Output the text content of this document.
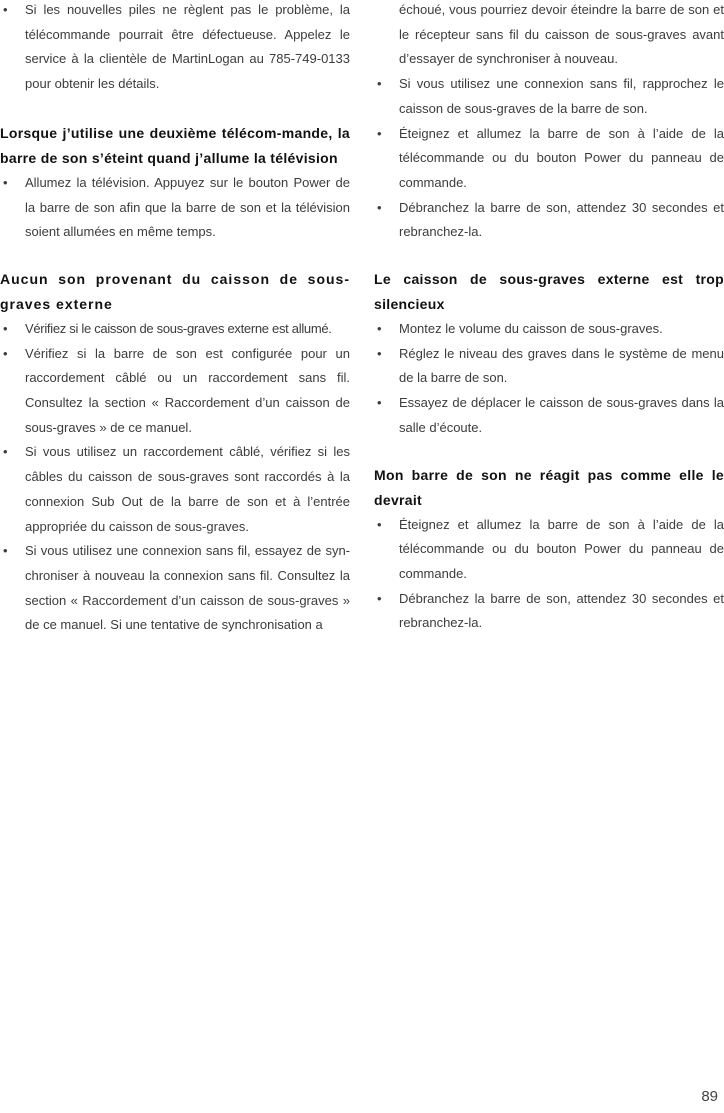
• Si les nouvelles piles ne règlent pas le problème, la télécommande pourrait être défectueuse. Appelez le service à la clientèle de MartinLogan au 785-749-0133 pour obtenir les détails.
Lorsque j’utilise une deuxième télécom-mande, la barre de son s’éteint quand j’allume la télévision
• Allumez la télévision. Appuyez sur le bouton Power de la barre de son afin que la barre de son et la télévision soient allumées en même temps.
Aucun son provenant du caisson de sous-graves externe
• Vérifiez si le caisson de sous-graves externe est allumé.
• Vérifiez si la barre de son est configurée pour un raccordement câblé ou un raccordement sans fil. Consultez la section « Raccordement d’un caisson de sous-graves » de ce manuel.
• Si vous utilisez un raccordement câblé, vérifiez si les câbles du caisson de sous-graves sont raccordés à la connexion Sub Out de la barre de son et à l’entrée appropriée du caisson de sous-graves.
• Si vous utilisez une connexion sans fil, essayez de syn-chroniser à nouveau la connexion sans fil. Consultez la section « Raccordement d’un caisson de sous-graves » de ce manuel. Si une tentative de synchronisation a

échoué, vous pourriez devoir éteindre la barre de son et le récepteur sans fil du caisson de sous-graves avant d’essayer de synchroniser à nouveau.

• Si vous utilisez une connexion sans fil, rapprochez le caisson de sous-graves de la barre de son.
• Éteignez et allumez la barre de son à l’aide de la télécommande ou du bouton Power du panneau de commande.
• Débranchez la barre de son, attendez 30 secondes et rebranchez-la.
Le caisson de sous-graves externe est trop silencieux
• Montez le volume du caisson de sous-graves.
• Réglez le niveau des graves dans le système de menu de la barre de son.
• Essayez de déplacer le caisson de sous-graves dans la salle d’écoute.
Mon barre de son ne réagit pas comme elle le devrait
• Éteignez et allumez la barre de son à l’aide de la télécommande ou du bouton Power du panneau de commande.
• Débranchez la barre de son, attendez 30 secondes et rebranchez-la.
89
